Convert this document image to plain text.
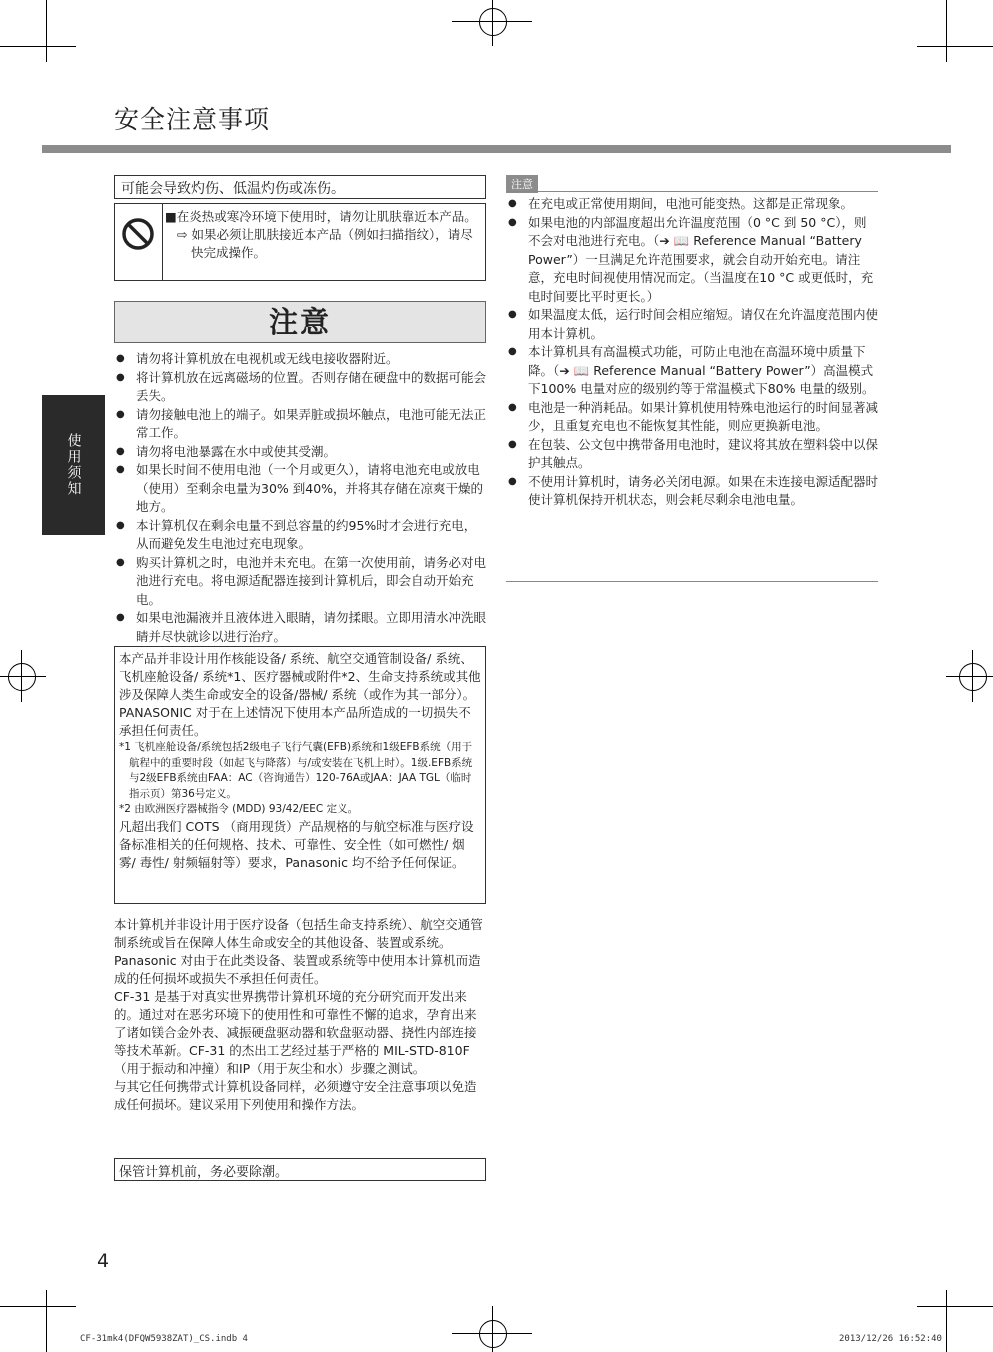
安全注意事项
使用须知
可能会导致灼伤、低温灼伤或冻伤。
■在炎热或寒冷环境下使用时，请勿让肌肤靠近本产品。
⇨ 如果必须让肌肤接近本产品（例如扫描指纹），请尽快完成操作。
注意
● 请勿将计算机放在电视机或无线电接收器附近。
● 将计算机放在远离磁场的位置。否则存储在硬盘中的数据可能会丢失。
● 请勿接触电池上的端子。如果弄脏或损坏触点，电池可能无法正常工作。
● 请勿将电池暴露在水中或使其受潮。
● 如果长时间不使用电池（一个月或更久），请将电池充电或放电（使用）至剩余电量为30% 到40%，并将其存储在凉爽干燥的地方。
● 本计算机仅在剩余电量不到总容量的约95%时才会进行充电，从而避免发生电池过充电现象。
● 购买计算机之时，电池并未充电。在第一次使用前，请务必对电池进行充电。将电源适配器连接到计算机后，即会自动开始充电。
● 如果电池漏液并且液体进入眼睛，请勿揉眼。立即用清水冲洗眼睛并尽快就诊以进行治疗。
注意
● 在充电或正常使用期间，电池可能变热。这都是正常现象。
● 如果电池的内部温度超出允许温度范围（0 °C 到 50 °C），则不会对电池进行充电。（➔ 📖 Reference Manual “Battery Power”）一旦满足允许范围要求，就会自动开始充电。请注意，充电时间视使用情况而定。（当温度在10 °C 或更低时，充电时间要比平时更长。）
● 如果温度太低，运行时间会相应缩短。请仅在允许温度范围内使用本计算机。
● 本计算机具有高温模式功能，可防止电池在高温环境中质量下降。（➔ 📖 Reference Manual “Battery Power”）高温模式下100% 电量对应的级别约等于常温模式下80% 电量的级别。
● 电池是一种消耗品。如果计算机使用特殊电池运行的时间显著减少，且重复充电也不能恢复其性能，则应更换新电池。
● 在包装、公文包中携带备用电池时，建议将其放在塑料袋中以保护其触点。
● 不使用计算机时，请务必关闭电源。如果在未连接电源适配器时使计算机保持开机状态，则会耗尽剩余电池电量。
本产品并非设计用作核能设备/ 系统、航空交通管制设备/ 系统、飞机座舱设备/ 系统*1、医疗器械或附件*2、生命支持系统或其他涉及保障人类生命或安全的设备/器械/ 系统（或作为其一部分）。PANASONIC 对于在上述情况下使用本产品所造成的一切损失不承担任何责任。
*1 飞机座舱设备/系统包括2级电子飞行气囊(EFB)系统和1级EFB系统（用于航程中的重要时段（如起飞与降落）与/或安装在飞机上时）。1级.EFB系统与2级EFB系统由FAA：AC（咨询通告）120-76A或JAA：JAA TGL（临时指示页）第36号定义。
*2 由欧洲医疗器械指令 (MDD) 93/42/EEC 定义。
凡超出我们 COTS （商用现货）产品规格的与航空标准与医疗设备标准相关的任何规格、技术、可靠性、安全性（如可燃性/ 烟雾/ 毒性/ 射频辐射等）要求，Panasonic 均不给予任何保证。

本计算机并非设计用于医疗设备（包括生命支持系统）、航空交通管制系统或旨在保障人体生命或安全的其他设备、装置或系统。Panasonic 对由于在此类设备、装置或系统等中使用本计算机而造成的任何损坏或损失不承担任何责任。

CF-31 是基于对真实世界携带计算机环境的充分研究而开发出来的。通过对在恶劣环境下的使用性和可靠性不懈的追求，孕育出来了诸如镁合金外表、减振硬盘驱动器和软盘驱动器、挠性内部连接等技术革新。CF-31 的杰出工艺经过基于严格的 MIL-STD-810F（用于振动和冲撞）和IP（用于灰尘和水）步骤之测试。

与其它任何携带式计算机设备同样，必须遵守安全注意事项以免造成任何损坏。建议采用下列使用和操作方法。

保管计算机前，务必要除潮。
4
CF-31mk4(DFQW5938ZAT)_CS.indb 4	2013/12/26 16:52:40
